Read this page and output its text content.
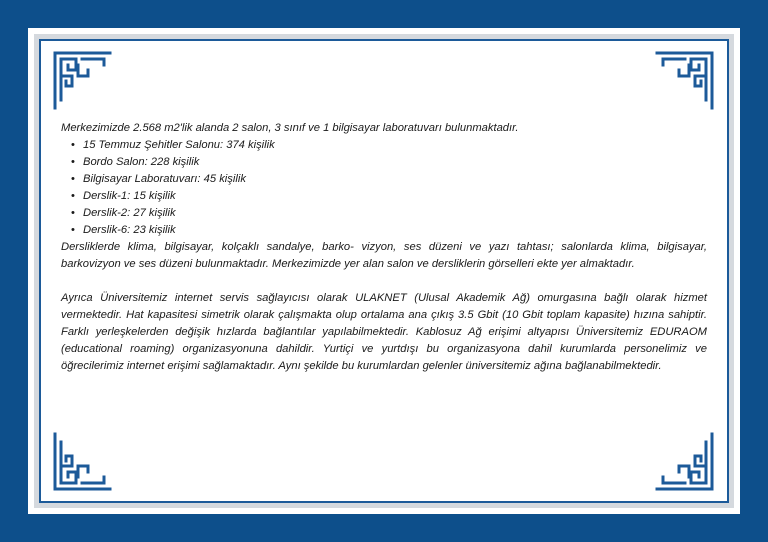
Merkezimizde 2.568 m2'lik alanda 2 salon, 3 sınıf ve 1 bilgisayar laboratuvarı bulunmaktadır.

• 15 Temmuz Şehitler Salonu: 374 kişilik
• Bordo Salon: 228 kişilik
• Bilgisayar Laboratuvarı: 45 kişilik
• Derslik-1: 15 kişilik
• Derslik-2: 27 kişilik
• Derslik-6: 23 kişilik

Dersliklerde klima, bilgisayar, kolçaklı sandalye, barko- vizyon, ses düzeni ve yazı tahtası; salonlarda klima, bilgisayar, barkovizyon ve ses düzeni bulunmaktadır. Merkezimizde yer alan salon ve dersliklerin görselleri ekte yer almaktadır.

Ayrıca Üniversitemiz internet servis sağlayıcısı olarak ULAKNET (Ulusal Akademik Ağ) omurgasına bağlı olarak hizmet vermektedir. Hat kapasitesi simetrik olarak çalışmakta olup ortalama ana çıkış 3.5 Gbit (10 Gbit toplam kapasite) hızına sahiptir. Farklı yerleşkelerden değişik hızlarda bağlantılar yapılabilmektedir. Kablosuz Ağ erişimi altyapısı Üniversitemiz EDURAOM (educational roaming) organizasyonuna dahildir. Yurtiçi ve yurtdışı bu organizasyona dahil kurumlarda personelimiz ve öğrecilerimiz internet erişimi sağlamaktadır. Aynı şekilde bu kurumlardan gelenler üniversitemiz ağına bağlanabilmektedir.
